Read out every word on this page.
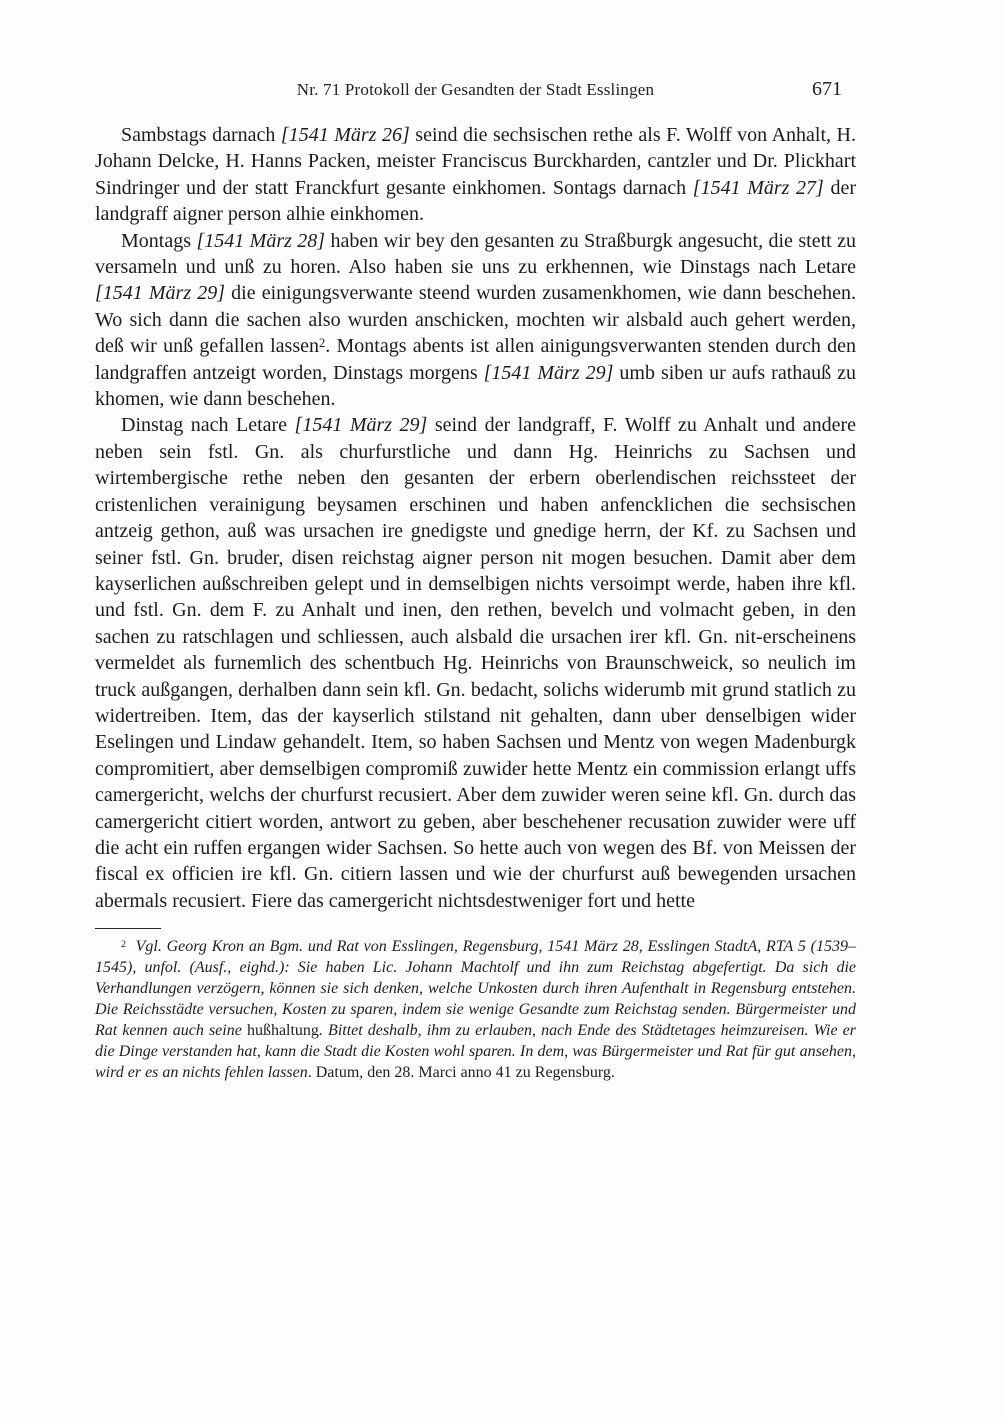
Nr. 71 Protokoll der Gesandten der Stadt Esslingen	671

Sambstags darnach [1541 März 26] seind die sechsischen rethe als F. Wolff von Anhalt, H. Johann Delcke, H. Hanns Packen, meister Franciscus Burckharden, cantzler und Dr. Plickhart Sindringer und der statt Franckfurt gesante einkhomen. Sontags darnach [1541 März 27] der landgraff aigner person alhie einkhomen.

Montags [1541 März 28] haben wir bey den gesanten zu Straßburgk angesucht, die stett zu versameln und unß zu horen. Also haben sie uns zu erkhennen, wie Dinstags nach Letare [1541 März 29] die einigungsverwante steend wurden zusamenkhomen, wie dann beschehen. Wo sich dann die sachen also wurden anschicken, mochten wir alsbald auch gehert werden, deß wir unß gefallen lassen$^2$. Montags abents ist allen ainigungsverwanten stenden durch den landgraffen antzeigt worden, Dinstags morgens [1541 März 29] umb siben ur aufs rathauß zu khomen, wie dann beschehen.

Dinstag nach Letare [1541 März 29] seind der landgraff, F. Wolff zu Anhalt und andere neben sein fstl. Gn. als churfurstliche und dann Hg. Heinrichs zu Sachsen und wirtembergische rethe neben den gesanten der erbern oberlendischen reichssteet der cristenlichen verainigung beysamen erschinen und haben anfencklichen die sechsischen antzeig gethon, auß was ursachen ire gnedigste und gnedige herrn, der Kf. zu Sachsen und seiner fstl. Gn. bruder, disen reichstag aigner person nit mogen besuchen. Damit aber dem kayserlichen außschreiben gelept und in demselbigen nichts versoimpt werde, haben ihre kfl. und fstl. Gn. dem F. zu Anhalt und inen, den rethen, bevelch und volmacht geben, in den sachen zu ratschlagen und schliessen, auch alsbald die ursachen irer kfl. Gn. nit-erscheinens vermeldet als furnemlich des schentbuch Hg. Heinrichs von Braunschweick, so neulich im truck außgangen, derhalben dann sein kfl. Gn. bedacht, solichs widerumb mit grund statlich zu widertreiben. Item, das der kayserlich stilstand nit gehalten, dann uber denselbigen wider Eselingen und Lindaw gehandelt. Item, so haben Sachsen und Mentz von wegen Madenburgk compromitiert, aber demselbigen compromiß zuwider hette Mentz ein commission erlangt uffs camergericht, welchs der churfurst recusiert. Aber dem zuwider weren seine kfl. Gn. durch das camergericht citiert worden, antwort zu geben, aber beschehener recusation zuwider were uff die acht ein ruffen ergangen wider Sachsen. So hette auch von wegen des Bf. von Meissen der fiscal ex officien ire kfl. Gn. citiern lassen und wie der churfurst auß bewegenden ursachen abermals recusiert. Fiere das camergericht nichtsdestweniger fort und hette

$^2$ Vgl. Georg Kron an Bgm. und Rat von Esslingen, Regensburg, 1541 März 28, Esslingen StadtA, RTA 5 (1539–1545), unfol. (Ausf., eighd.): Sie haben Lic. Johann Machtolf und ihn zum Reichstag abgefertigt. Da sich die Verhandlungen verzögern, können sie sich denken, welche Unkosten durch ihren Aufenthalt in Regensburg entstehen. Die Reichsstädte versuchen, Kosten zu sparen, indem sie wenige Gesandte zum Reichstag senden. Bürgermeister und Rat kennen auch seine hußhaltung. Bittet deshalb, ihm zu erlauben, nach Ende des Städtetages heimzureisen. Wie er die Dinge verstanden hat, kann die Stadt die Kosten wohl sparen. In dem, was Bürgermeister und Rat für gut ansehen, wird er es an nichts fehlen lassen. Datum, den 28. Marci anno 41 zu Regensburg.
